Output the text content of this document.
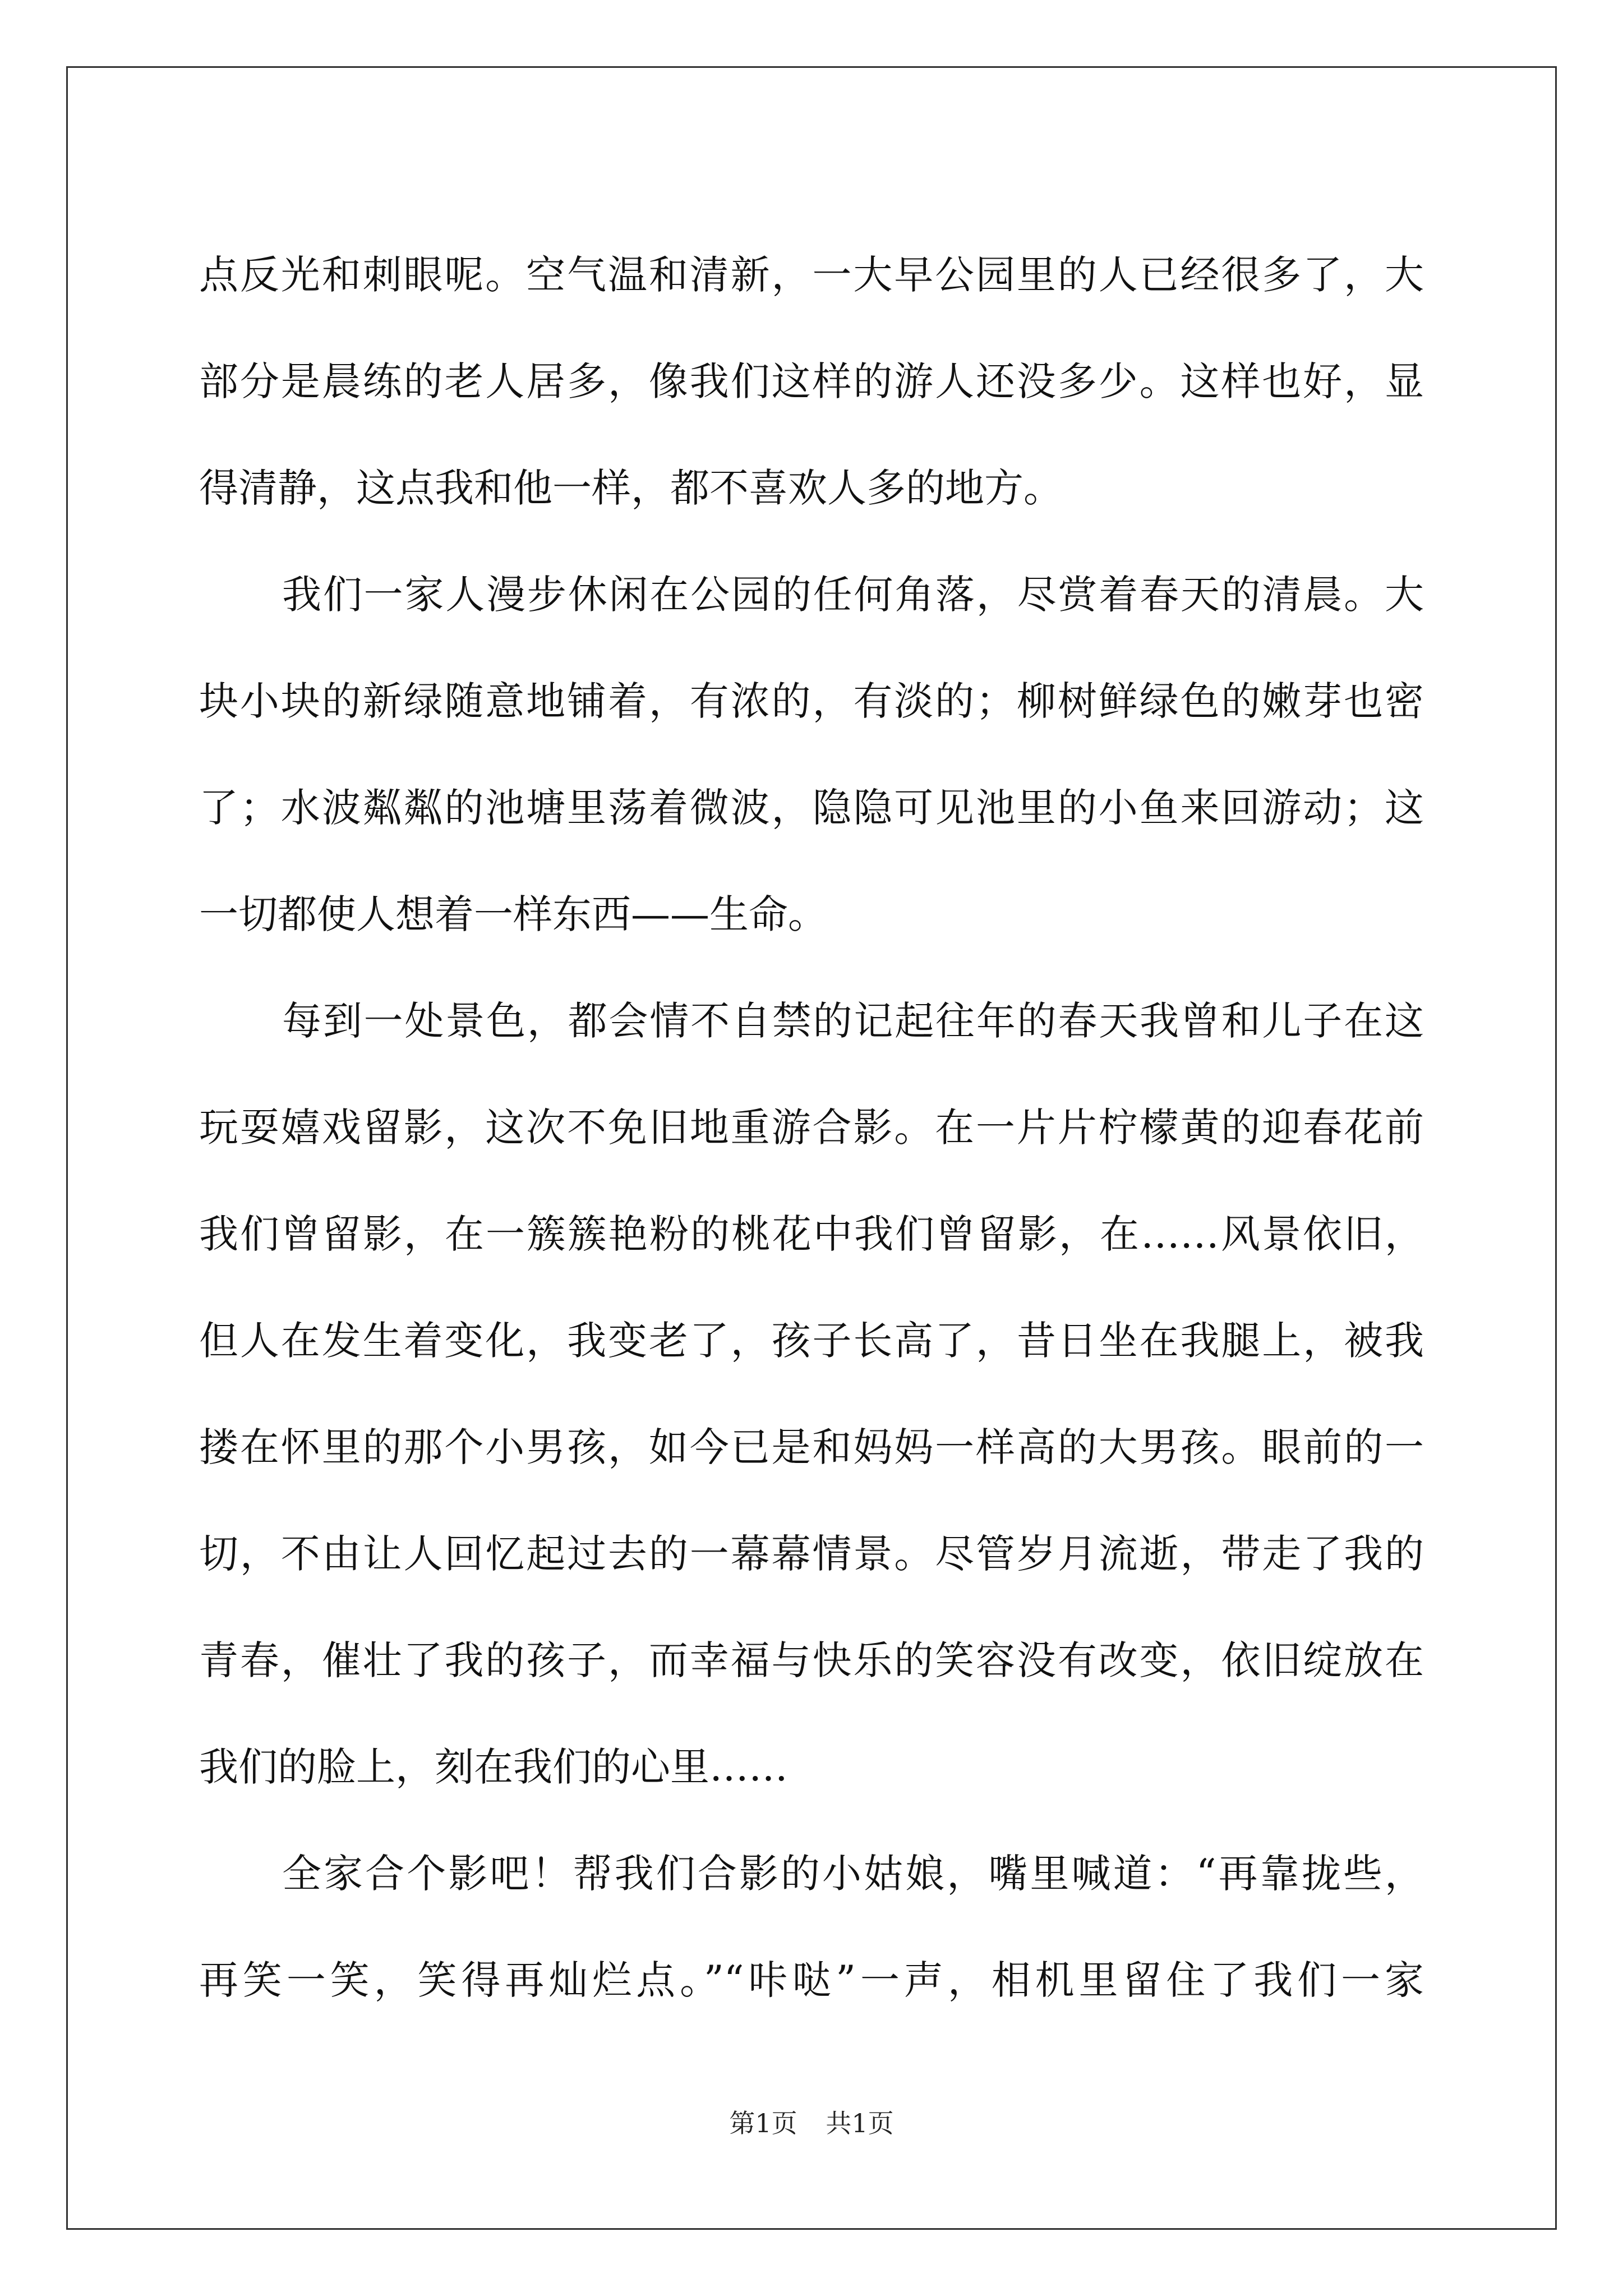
点反光和刺眼呢。空气温和清新，一大早公园里的人已经很多了，大
部分是晨练的老人居多，像我们这样的游人还没多少。这样也好，显
得清静，这点我和他一样，都不喜欢人多的地方。
我们一家人漫步休闲在公园的任何角落，尽赏着春天的清晨。大
块小块的新绿随意地铺着，有浓的，有淡的；柳树鲜绿色的嫩芽也密
了；水波粼粼的池塘里荡着微波，隐隐可见池里的小鱼来回游动；这
一切都使人想着一样东西——生命。
每到一处景色，都会情不自禁的记起往年的春天我曾和儿子在这
玩耍嬉戏留影，这次不免旧地重游合影。在一片片柠檬黄的迎春花前
我们曾留影，在一簇簇艳粉的桃花中我们曾留影，在……风景依旧，
但人在发生着变化，我变老了，孩子长高了，昔日坐在我腿上，被我
搂在怀里的那个小男孩，如今已是和妈妈一样高的大男孩。眼前的一
切，不由让人回忆起过去的一幕幕情景。尽管岁月流逝，带走了我的
青春，催壮了我的孩子，而幸福与快乐的笑容没有改变，依旧绽放在
我们的脸上，刻在我们的心里……
全家合个影吧！帮我们合影的小姑娘，嘴里喊道：“再靠拢些，
再笑一笑，笑得再灿烂点。”“咔哒”一声，相机里留住了我们一家
第1页 共1页
